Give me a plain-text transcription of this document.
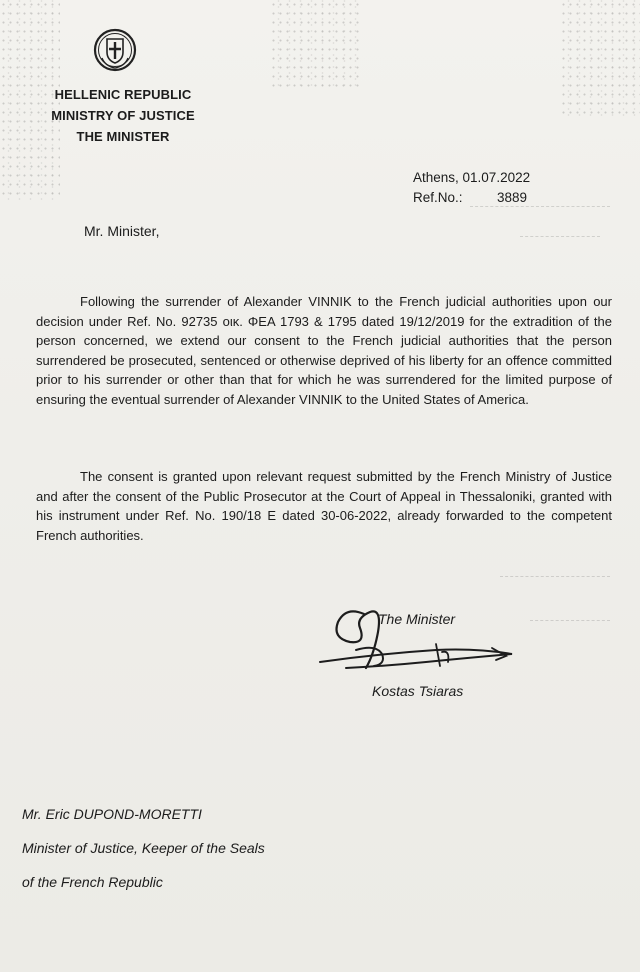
HELLENIC REPUBLIC
MINISTRY OF JUSTICE
THE MINISTER
Athens, 01.07.2022
Ref.No.:	3889
Mr. Minister,
Following the surrender of Alexander VINNIK to the French judicial authorities upon our decision under Ref. No. 92735 οικ. ΦΕΑ 1793 & 1795 dated 19/12/2019 for the extradition of the person concerned, we extend our consent to the French judicial authorities that the person surrendered be prosecuted, sentenced or otherwise deprived of his liberty for an offence committed prior to his surrender or other than that for which he was surrendered for the limited purpose of ensuring the eventual surrender of Alexander VINNIK to the United States of America.
The consent is granted upon relevant request submitted by the French Ministry of Justice and after the consent of the Public Prosecutor at the Court of Appeal in Thessaloniki, granted with his instrument under Ref. No. 190/18 E dated 30-06-2022, already forwarded to the competent French authorities.
The Minister
Kostas Tsiaras
Mr. Eric DUPOND-MORETTI
Minister of Justice, Keeper of the Seals
of the French Republic
